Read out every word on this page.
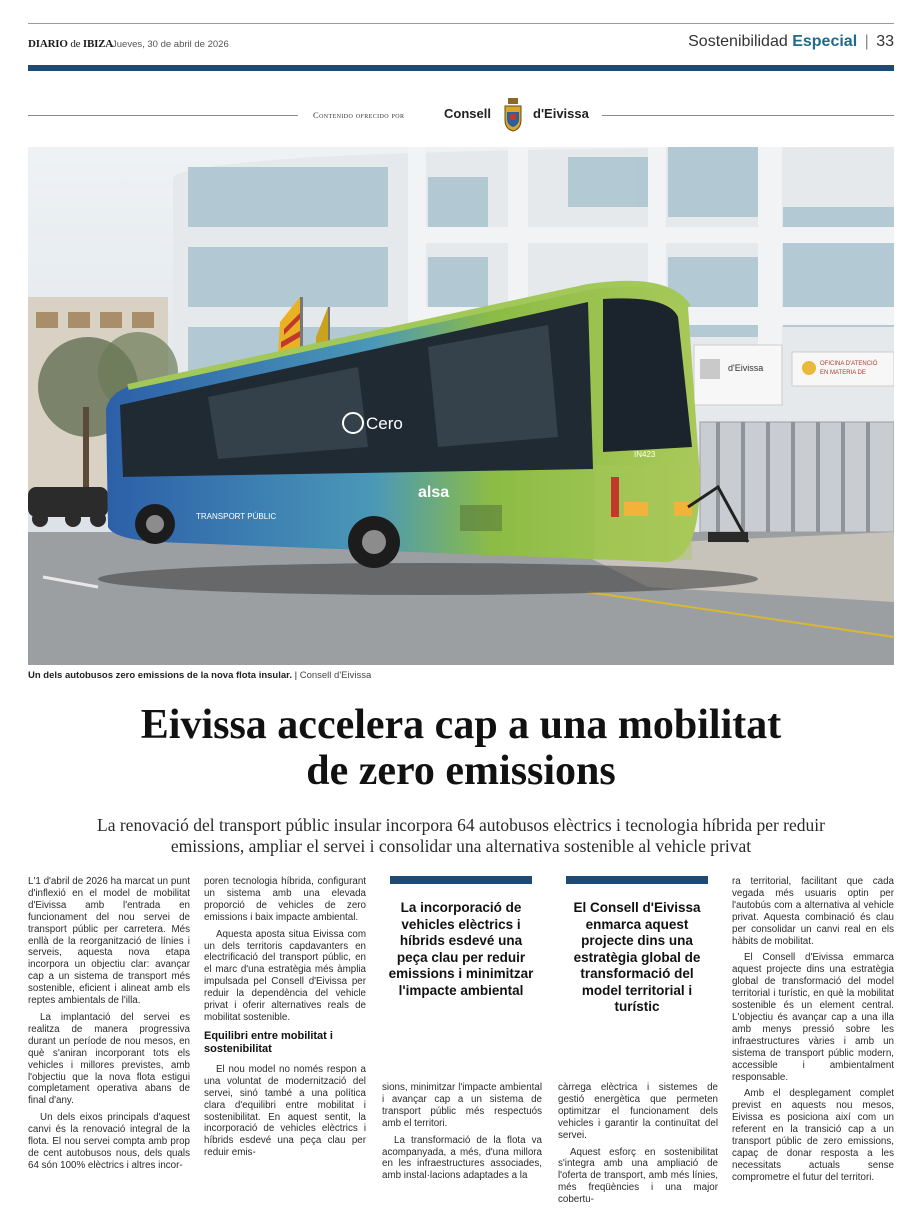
DIARIO de IBIZA
Jueves, 30 de abril de 2026	Sostenibilidad Especial | 33
Contenido ofrecido por	Consell	d'Eivissa
d'Eivissa	OFICINA D'ATENCIÓ
EN MATERIA DE
Cero
alsa
TRANSPORT PÚBLIC
IN423
Un dels autobusos zero emissions de la nova flota insular. | Consell d'Eivissa
Eivissa accelera cap a una mobilitat
de zero emissions
La renovació del transport públic insular incorpora 64 autobusos elèctrics i tecnologia híbrida per reduir
emissions, ampliar el servei i consolidar una alternativa sostenible al vehicle privat

L'1 d'abril de 2026 ha marcat un punt d'inflexió en el model de mobilitat d'Eivissa amb l'entrada en funcionament del nou servei de transport públic per carretera. Més enllà de la reorganització de línies i serveis, aquesta nova etapa incorpora un objectiu clar: avançar cap a un sistema de transport més sostenible, eficient i alineat amb els reptes ambientals de l'illa.

La implantació del servei es realitza de manera progressiva durant un període de nou mesos, en què s'aniran incorporant tots els vehicles i millores previstes, amb l'objectiu que la nova flota estigui completament operativa abans de final d'any.

Un dels eixos principals d'aquest canvi és la renovació integral de la flota. El nou servei compta amb prop de cent autobusos nous, dels quals 64 són 100% elèctrics i altres incor-

poren tecnologia híbrida, configurant un sistema amb una elevada proporció de vehicles de zero emissions i baix impacte ambiental.

Aquesta aposta situa Eivissa com un dels territoris capdavanters en electrificació del transport públic, en el marc d'una estratègia més àmplia impulsada pel Consell d'Eivissa per reduir la dependència del vehicle privat i oferir alternatives reals de mobilitat sostenible.

Equilibri entre mobilitat i sostenibilitat

El nou model no només respon a una voluntat de modernització del servei, sinó també a una política clara d'equilibri entre mobilitat i sostenibilitat. En aquest sentit, la incorporació de vehicles elèctrics i híbrids esdevé una peça clau per reduir emis-

La incorporació de vehicles elèctrics i híbrids esdevé una peça clau per reduir emissions i minimitzar l'impacte ambiental
El Consell d'Eivissa enmarca aquest projecte dins una estratègia global de transformació del model territorial i turístic

sions, minimitzar l'impacte ambiental i avançar cap a un sistema de transport públic més respectuós amb el territori.

La transformació de la flota va acompanyada, a més, d'una millora en les infraestructures associades, amb instal·lacions adaptades a la

càrrega elèctrica i sistemes de gestió energètica que permeten optimitzar el funcionament dels vehicles i garantir la continuïtat del servei.

Aquest esforç en sostenibilitat s'integra amb una ampliació de l'oferta de transport, amb més línies, més freqüències i una major cobertu-

ra territorial, facilitant que cada vegada més usuaris optin per l'autobús com a alternativa al vehicle privat. Aquesta combinació és clau per consolidar un canvi real en els hàbits de mobilitat.

El Consell d'Eivissa emmarca aquest projecte dins una estratègia global de transformació del model territorial i turístic, en què la mobilitat sostenible és un element central. L'objectiu és avançar cap a una illa amb menys pressió sobre les infraestructures vàries i amb un sistema de transport públic modern, accessible i ambientalment responsable.

Amb el desplegament complet previst en aquests nou mesos, Eivissa es posiciona així com un referent en la transició cap a un transport públic de zero emissions, capaç de donar resposta a les necessitats actuals sense comprometre el futur del territori.
